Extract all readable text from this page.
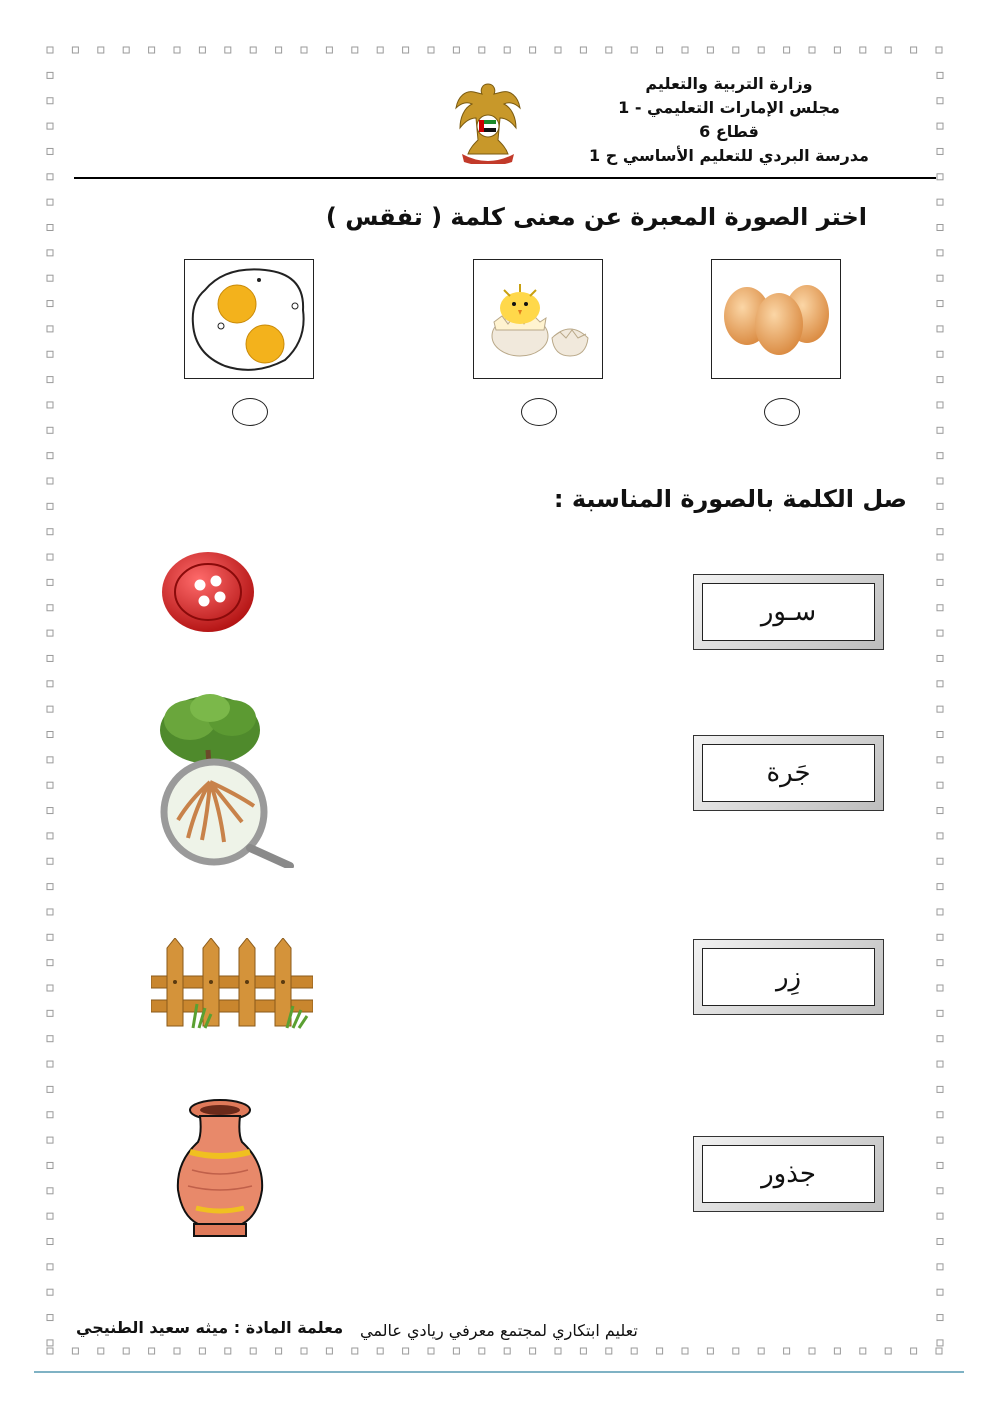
وزارة التربية والتعليم
مجلس الإمارات التعليمي - 1
قطاع 6
مدرسة البردي للتعليم الأساسي ح 1
اختر الصورة المعبرة عن معنى كلمة ( تفقس )
صل الكلمة بالصورة المناسبة :
سـور
جَرة
زِر
جذور
معلمة المادة : ميثه سعيد الطنيجي تعليم ابتكاري لمجتمع معرفي ريادي عالمي
